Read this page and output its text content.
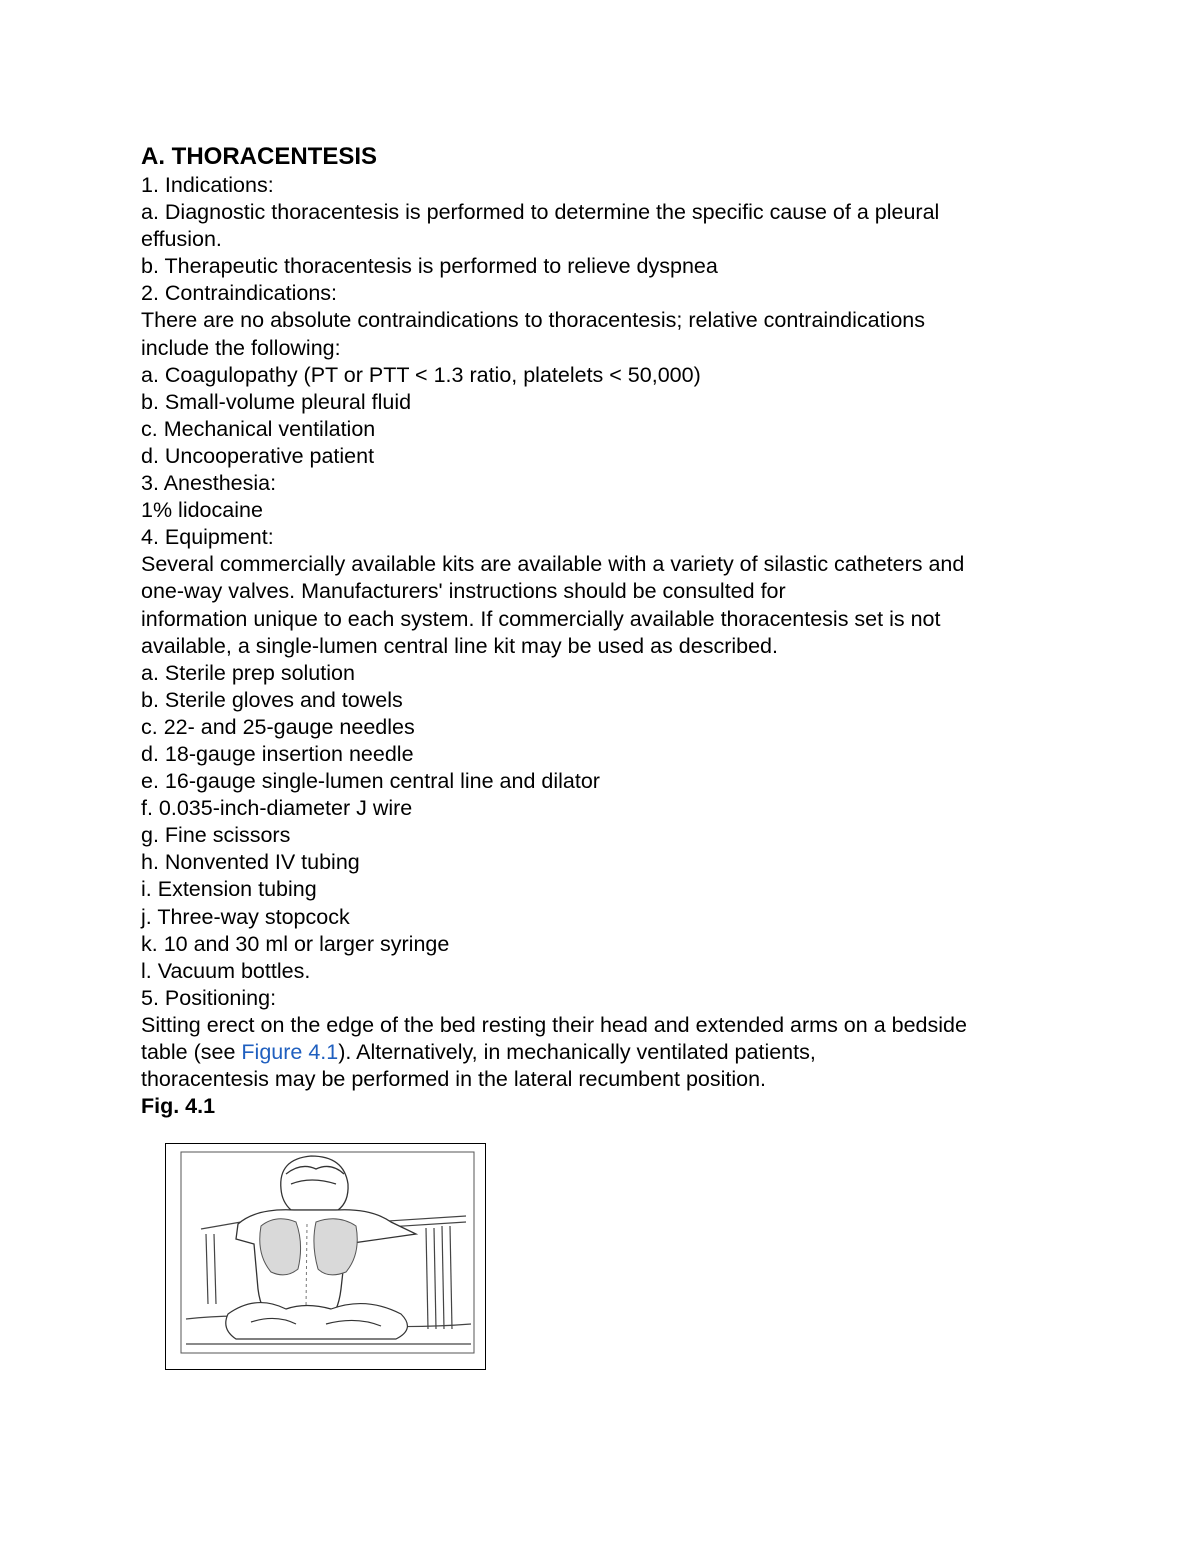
A. THORACENTESIS

1. Indications:

a. Diagnostic thoracentesis is performed to determine the specific cause of a pleural

effusion.

b. Therapeutic thoracentesis is performed to relieve dyspnea

2. Contraindications:

There are no absolute contraindications to thoracentesis; relative contraindications

include the following:

a. Coagulopathy (PT or PTT < 1.3 ratio, platelets < 50,000)

b. Small-volume pleural fluid

c. Mechanical ventilation

d. Uncooperative patient

3. Anesthesia:

1% lidocaine

4. Equipment:

Several commercially available kits are available with a variety of silastic catheters and

one-way valves. Manufacturers' instructions should be consulted for

information unique to each system. If commercially available thoracentesis set is not

available, a single-lumen central line kit may be used as described.

a. Sterile prep solution

b. Sterile gloves and towels

c. 22- and 25-gauge needles

d. 18-gauge insertion needle

e. 16-gauge single-lumen central line and dilator

f. 0.035-inch-diameter J wire

g. Fine scissors

h. Nonvented IV tubing

i. Extension tubing

j. Three-way stopcock

k. 10 and 30 ml or larger syringe

l. Vacuum bottles.

5. Positioning:

Sitting erect on the edge of the bed resting their head and extended arms on a bedside

table (see Figure 4.1). Alternatively, in mechanically ventilated patients,

thoracentesis may be performed in the lateral recumbent position.

Fig. 4.1
